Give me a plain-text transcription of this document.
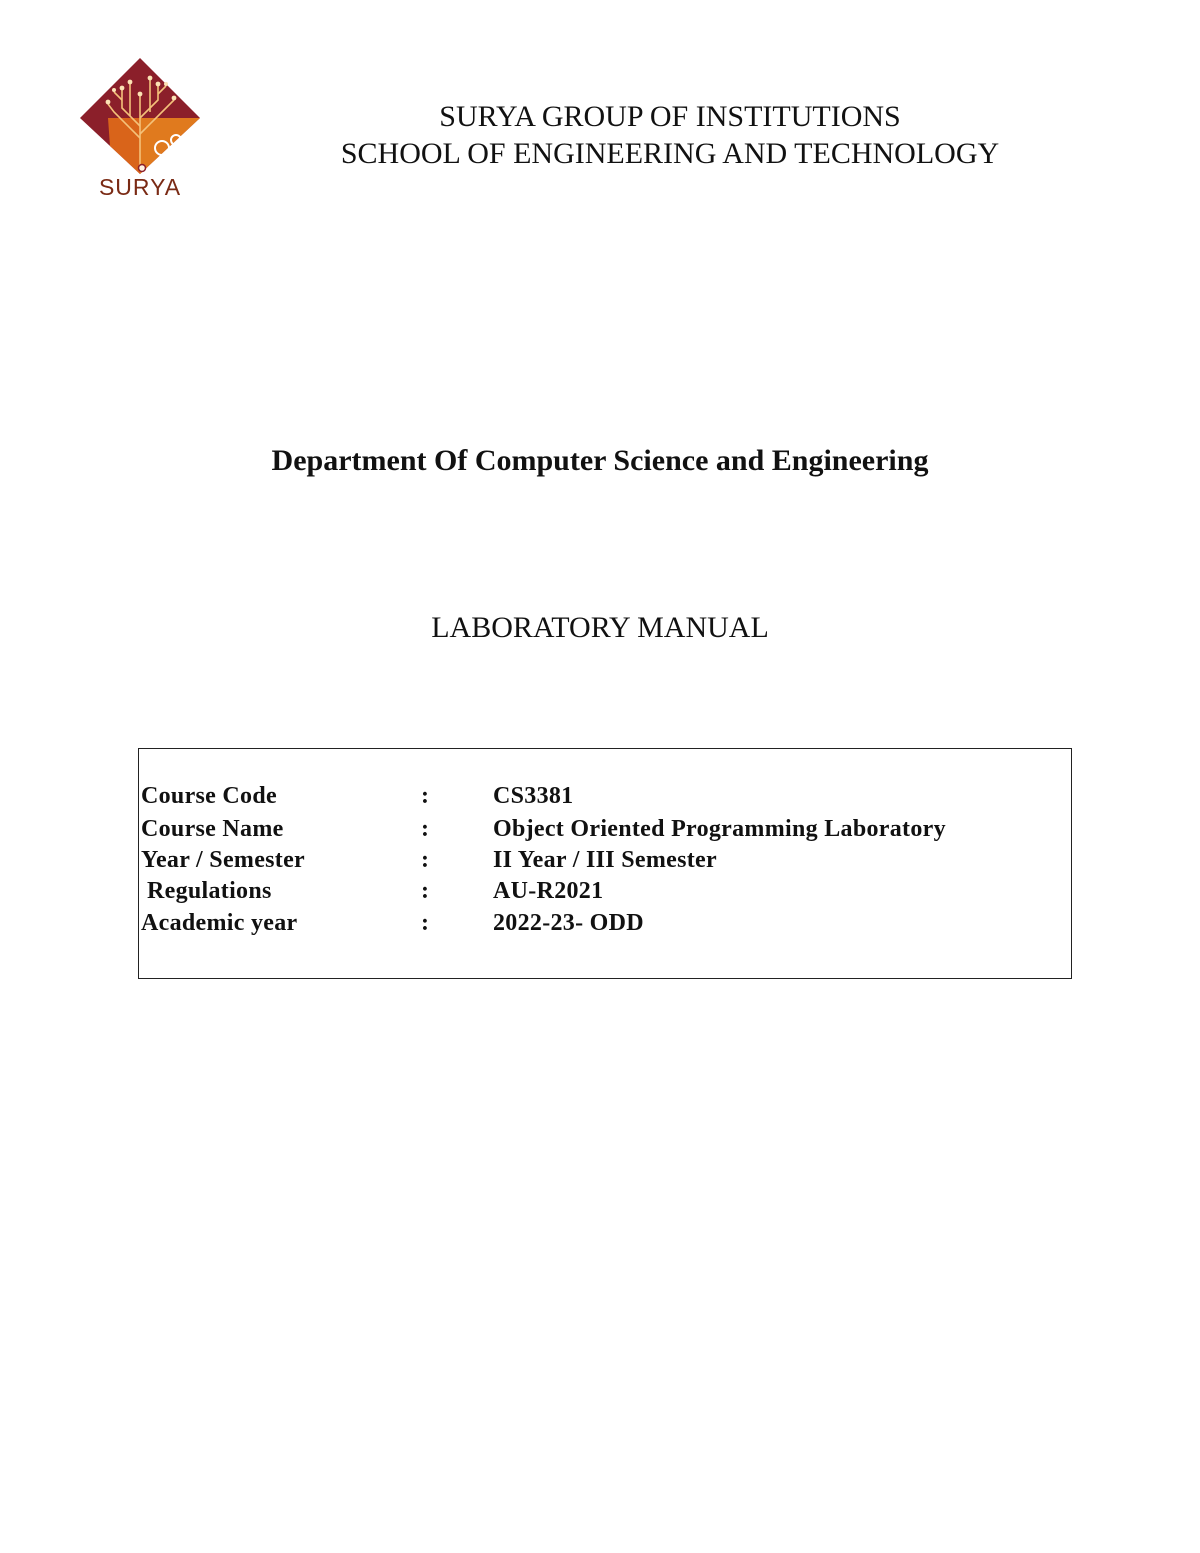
SURYA
SURYA GROUP OF INSTITUTIONS
SCHOOL OF ENGINEERING AND TECHNOLOGY
Department Of Computer Science and Engineering
LABORATORY MANUAL
Course Code	:	CS3381
Course Name	:	Object Oriented Programming Laboratory
Year / Semester	:	II Year / III Semester
Regulations	:	AU-R2021
Academic year	:	2022-23- ODD
